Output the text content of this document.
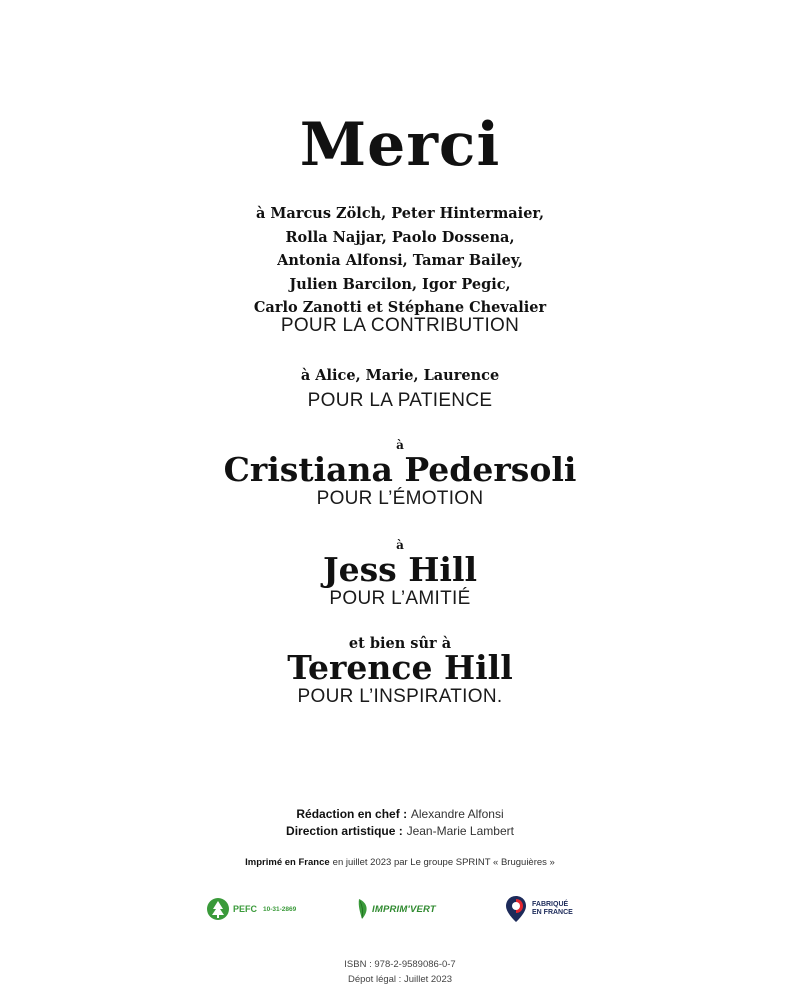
Merci
à Marcus Zölch, Peter Hintermaier,
Rolla Najjar, Paolo Dossena,
Antonia Alfonsi, Tamar Bailey,
Julien Barcilon, Igor Pegic,
Carlo Zanotti et Stéphane Chevalier
POUR LA CONTRIBUTION
à Alice, Marie, Laurence
POUR LA PATIENCE
à
Cristiana Pedersoli
POUR L’ÉMOTION
à
Jess Hill
POUR L’AMITIÉ
et bien sûr à
Terence Hill
POUR L’INSPIRATION.
Rédaction en chef : Alexandre Alfonsi
Direction artistique : Jean-Marie Lambert
Imprimé en France en juillet 2023 par Le groupe SPRINT « Bruguières »
PEFC 10-31-2869	IMPRIM'VERT	FABRIQUÉ
EN FRANCE
ISBN : 978-2-9589086-0-7
Dépot légal : Juillet 2023
